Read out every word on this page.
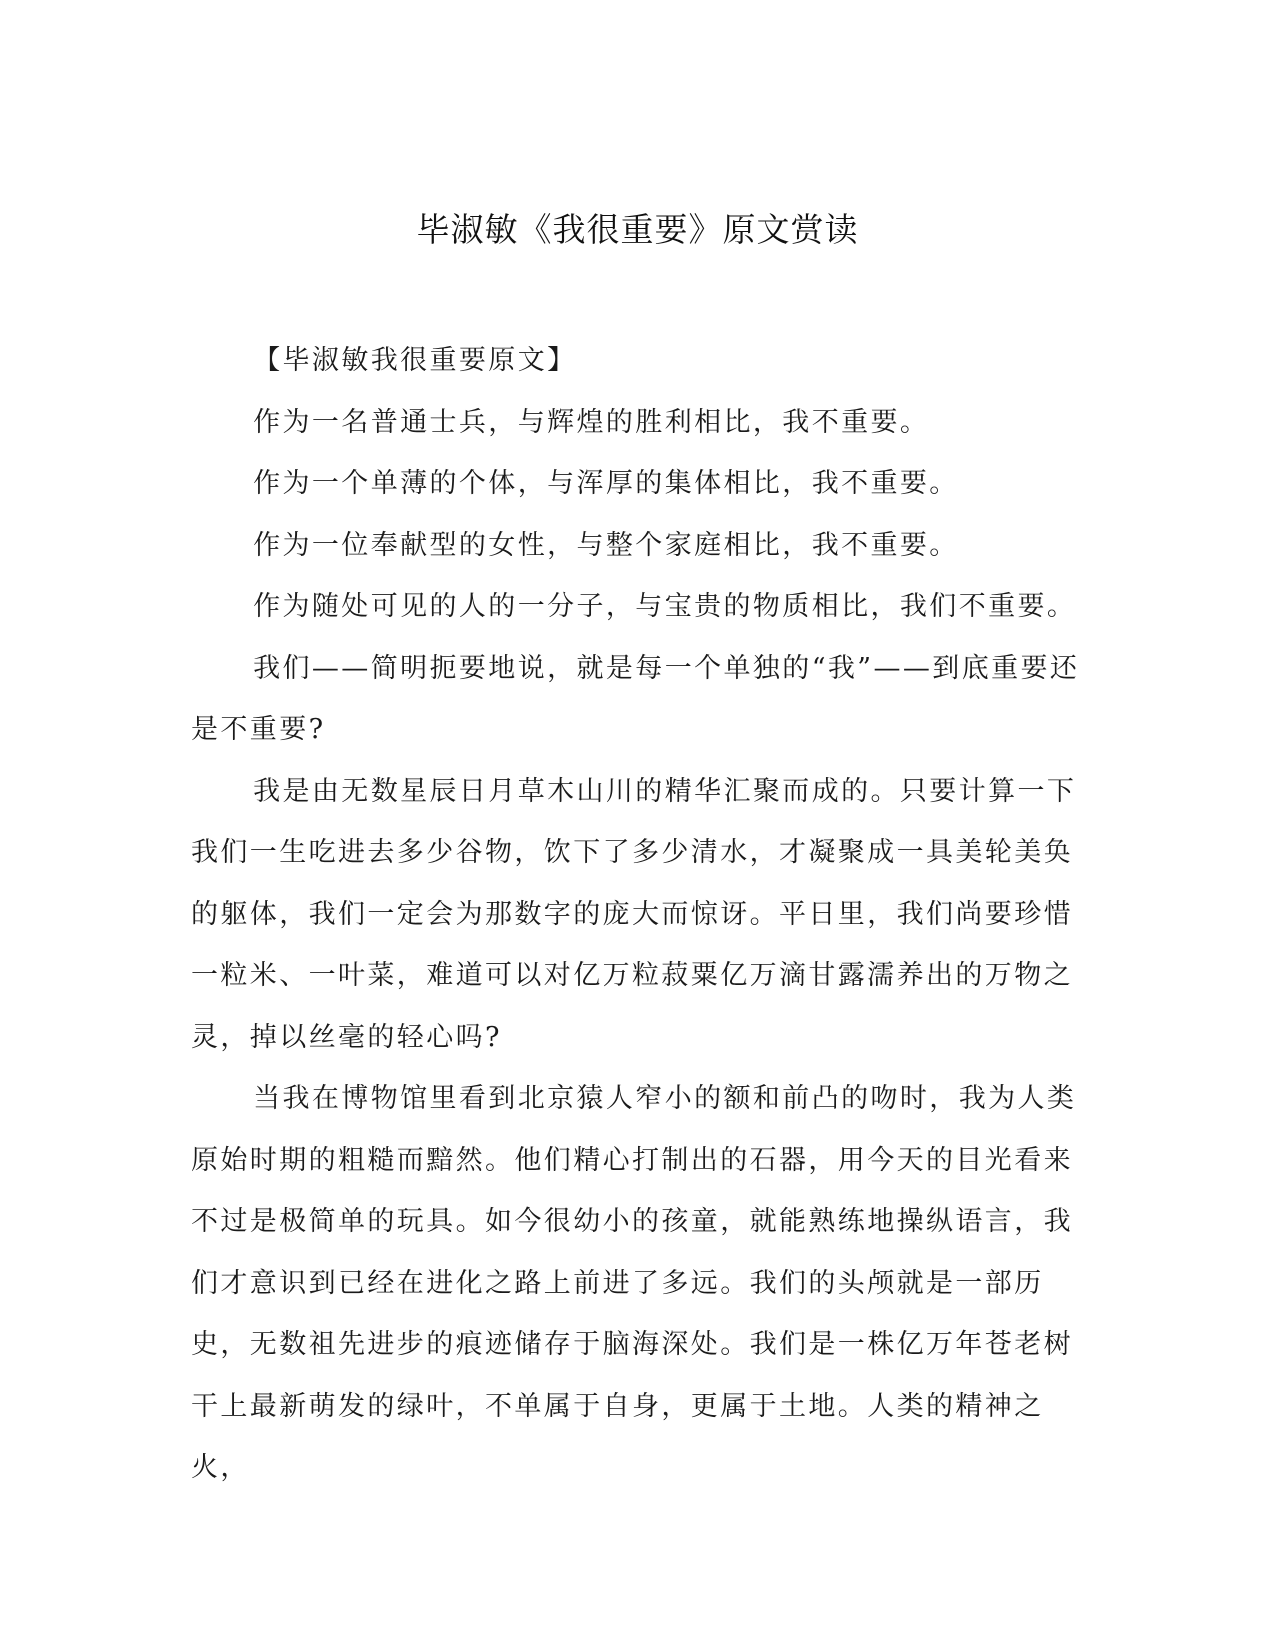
毕淑敏《我很重要》原文赏读

【毕淑敏我很重要原文】

作为一名普通士兵，与辉煌的胜利相比，我不重要。

作为一个单薄的个体，与浑厚的集体相比，我不重要。

作为一位奉献型的女性，与整个家庭相比，我不重要。

作为随处可见的人的一分子，与宝贵的物质相比，我们不重要。

我们——简明扼要地说，就是每一个单独的“我”——到底重要还是不重要?

我是由无数星辰日月草木山川的精华汇聚而成的。只要计算一下我们一生吃进去多少谷物，饮下了多少清水，才凝聚成一具美轮美奂的躯体，我们一定会为那数字的庞大而惊讶。平日里，我们尚要珍惜一粒米、一叶菜，难道可以对亿万粒菽粟亿万滴甘露濡养出的万物之灵，掉以丝毫的轻心吗?

当我在博物馆里看到北京猿人窄小的额和前凸的吻时，我为人类原始时期的粗糙而黯然。他们精心打制出的石器，用今天的目光看来不过是极简单的玩具。如今很幼小的孩童，就能熟练地操纵语言，我们才意识到已经在进化之路上前进了多远。我们的头颅就是一部历史，无数祖先进步的痕迹储存于脑海深处。我们是一株亿万年苍老树干上最新萌发的绿叶，不单属于自身，更属于土地。人类的精神之火，
